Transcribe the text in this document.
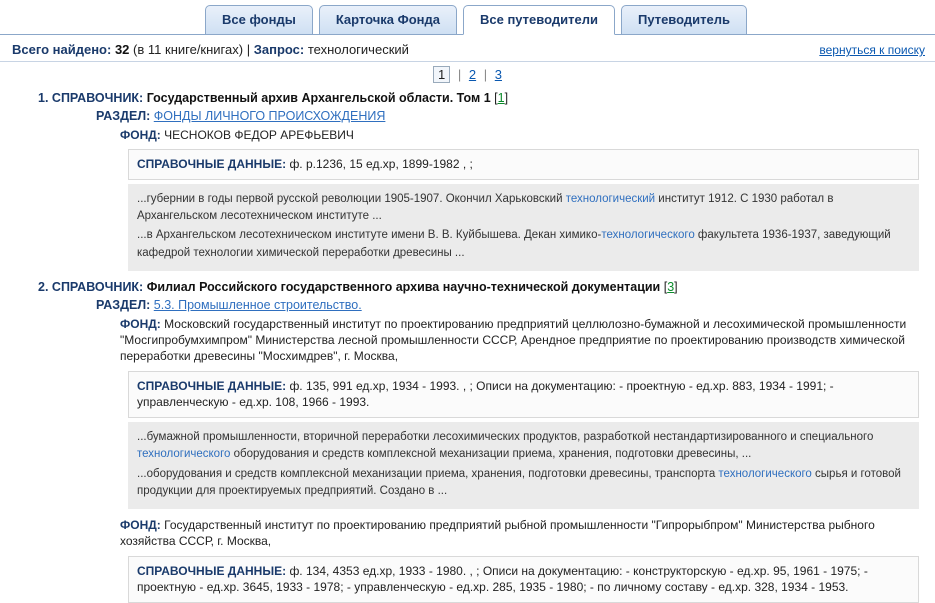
Все фонды	Карточка Фонда	Все путеводители	Путеводитель
Всего найдено: 32 (в 11 книге/книгах) | Запрос: технологический	вернуться к поиску
1 | 2 | 3
1. СПРАВОЧНИК: Государственный архив Архангельской области. Том 1 [1]
РАЗДЕЛ: ФОНДЫ ЛИЧНОГО ПРОИСХОЖДЕНИЯ
ФОНД: ЧЕСНОКОВ ФЕДОР АРЕФЬЕВИЧ
СПРАВОЧНЫЕ ДАННЫЕ: ф. р.1236, 15 ед.хр, 1899-1982 , ;

...губернии в годы первой русской революции 1905-1907. Окончил Харьковский технологический институт 1912. С 1930 работал в Архангельском лесотехническом институте ...

...в Архангельском лесотехническом институте имени В. В. Куйбышева. Декан химико-технологического факультета 1936-1937, заведующий кафедрой технологии химической переработки древесины ...

2. СПРАВОЧНИК: Филиал Российского государственного архива научно-технической документации [3]
РАЗДЕЛ: 5.3. Промышленное строительство.
ФОНД: Московский государственный институт по проектированию предприятий целлюлозно-бумажной и лесохимической промышленности "Мосгипробумхимпром" Министерства лесной промышленности СССР, Арендное предприятие по проектированию производств химической переработки древесины "Мосхимдрев", г. Москва,
СПРАВОЧНЫЕ ДАННЫЕ: ф. 135, 991 ед.хр, 1934 - 1993. , ; Описи на документацию: - проектную - ед.хр. 883, 1934 - 1991; - управленческую - ед.хр. 108, 1966 - 1993.

...бумажной промышленности, вторичной переработки лесохимических продуктов, разработкой нестандартизированного и специального технологического оборудования и средств комплексной механизации приема, хранения, подготовки древесины, ...

...оборудования и средств комплексной механизации приема, хранения, подготовки древесины, транспорта технологического сырья и готовой продукции для проектируемых предприятий. Создано в ...

ФОНД: Государственный институт по проектированию предприятий рыбной промышленности "Гипрорыбпром" Министерства рыбного хозяйства СССР, г. Москва,
СПРАВОЧНЫЕ ДАННЫЕ: ф. 134, 4353 ед.хр, 1933 - 1980. , ; Описи на документацию: - конструкторскую - ед.хр. 95, 1961 - 1975; - проектную - ед.хр. 3645, 1933 - 1978; - управленческую - ед.хр. 285, 1935 - 1980; - по личному составу - ед.хр. 328, 1934 - 1953.
